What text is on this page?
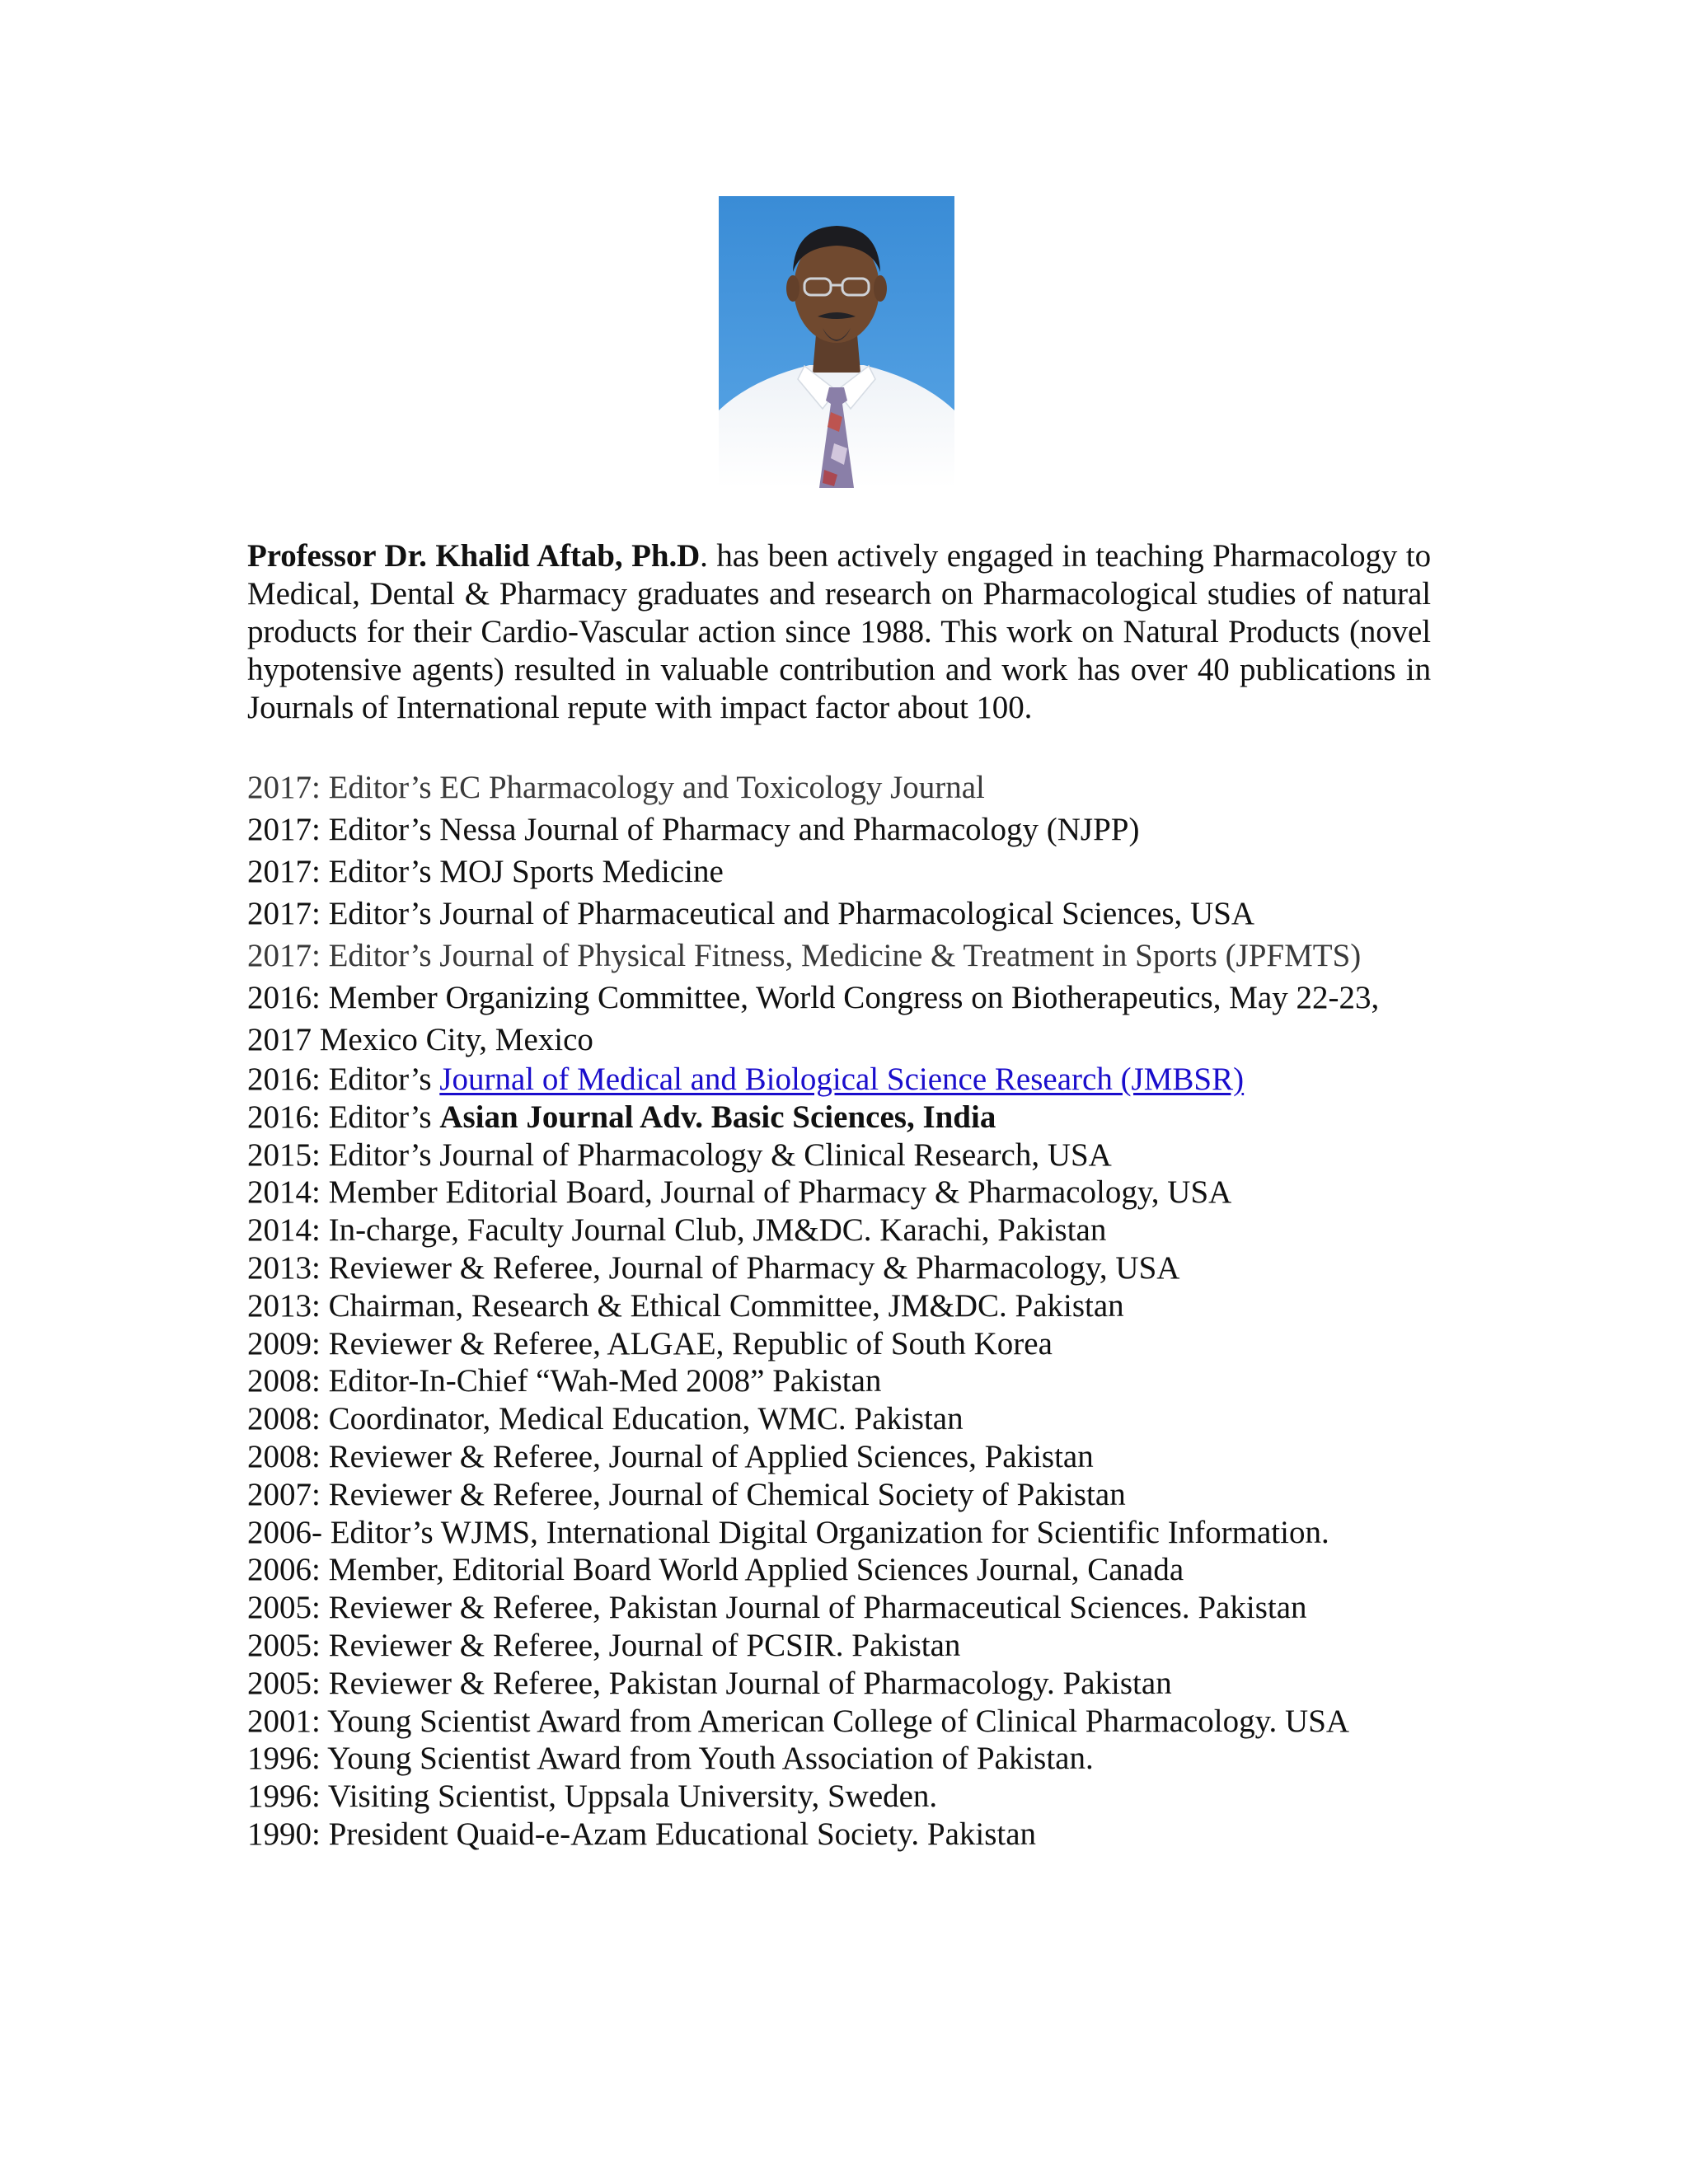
Professor Dr. Khalid Aftab, Ph.D. has been actively engaged in teaching Pharmacology to Medical, Dental & Pharmacy graduates and research on Pharmacological studies of natural products for their Cardio-Vascular action since 1988. This work on Natural Products (novel hypotensive agents) resulted in valuable contribution and work has over 40 publications in Journals of International repute with impact factor about 100.

2017: Editor’s EC Pharmacology and Toxicology Journal
2017: Editor’s Nessa Journal of Pharmacy and Pharmacology (NJPP)
2017: Editor’s MOJ Sports Medicine
2017: Editor’s Journal of Pharmaceutical and Pharmacological Sciences, USA
2017: Editor’s Journal of Physical Fitness, Medicine & Treatment in Sports (JPFMTS)
2016: Member Organizing Committee, World Congress on Biotherapeutics, May 22-23,
2017 Mexico City, Mexico
2016: Editor’s Journal of Medical and Biological Science Research (JMBSR)
2016: Editor’s Asian Journal Adv. Basic Sciences, India
2015: Editor’s Journal of Pharmacology & Clinical Research, USA
2014: Member Editorial Board, Journal of Pharmacy & Pharmacology, USA
2014: In-charge, Faculty Journal Club, JM&DC. Karachi, Pakistan
2013: Reviewer & Referee, Journal of Pharmacy & Pharmacology, USA
2013: Chairman, Research & Ethical Committee, JM&DC. Pakistan
2009: Reviewer & Referee, ALGAE, Republic of South Korea
2008: Editor-In-Chief “Wah-Med 2008” Pakistan
2008: Coordinator, Medical Education, WMC. Pakistan
2008: Reviewer & Referee, Journal of Applied Sciences, Pakistan
2007: Reviewer & Referee, Journal of Chemical Society of Pakistan
2006- Editor’s WJMS, International Digital Organization for Scientific Information.
2006: Member, Editorial Board World Applied Sciences Journal, Canada
2005: Reviewer & Referee, Pakistan Journal of Pharmaceutical Sciences. Pakistan
2005: Reviewer & Referee, Journal of PCSIR. Pakistan
2005: Reviewer & Referee, Pakistan Journal of Pharmacology. Pakistan
2001: Young Scientist Award from American College of Clinical Pharmacology. USA
1996: Young Scientist Award from Youth Association of Pakistan.
1996: Visiting Scientist, Uppsala University, Sweden.
1990: President Quaid-e-Azam Educational Society. Pakistan
